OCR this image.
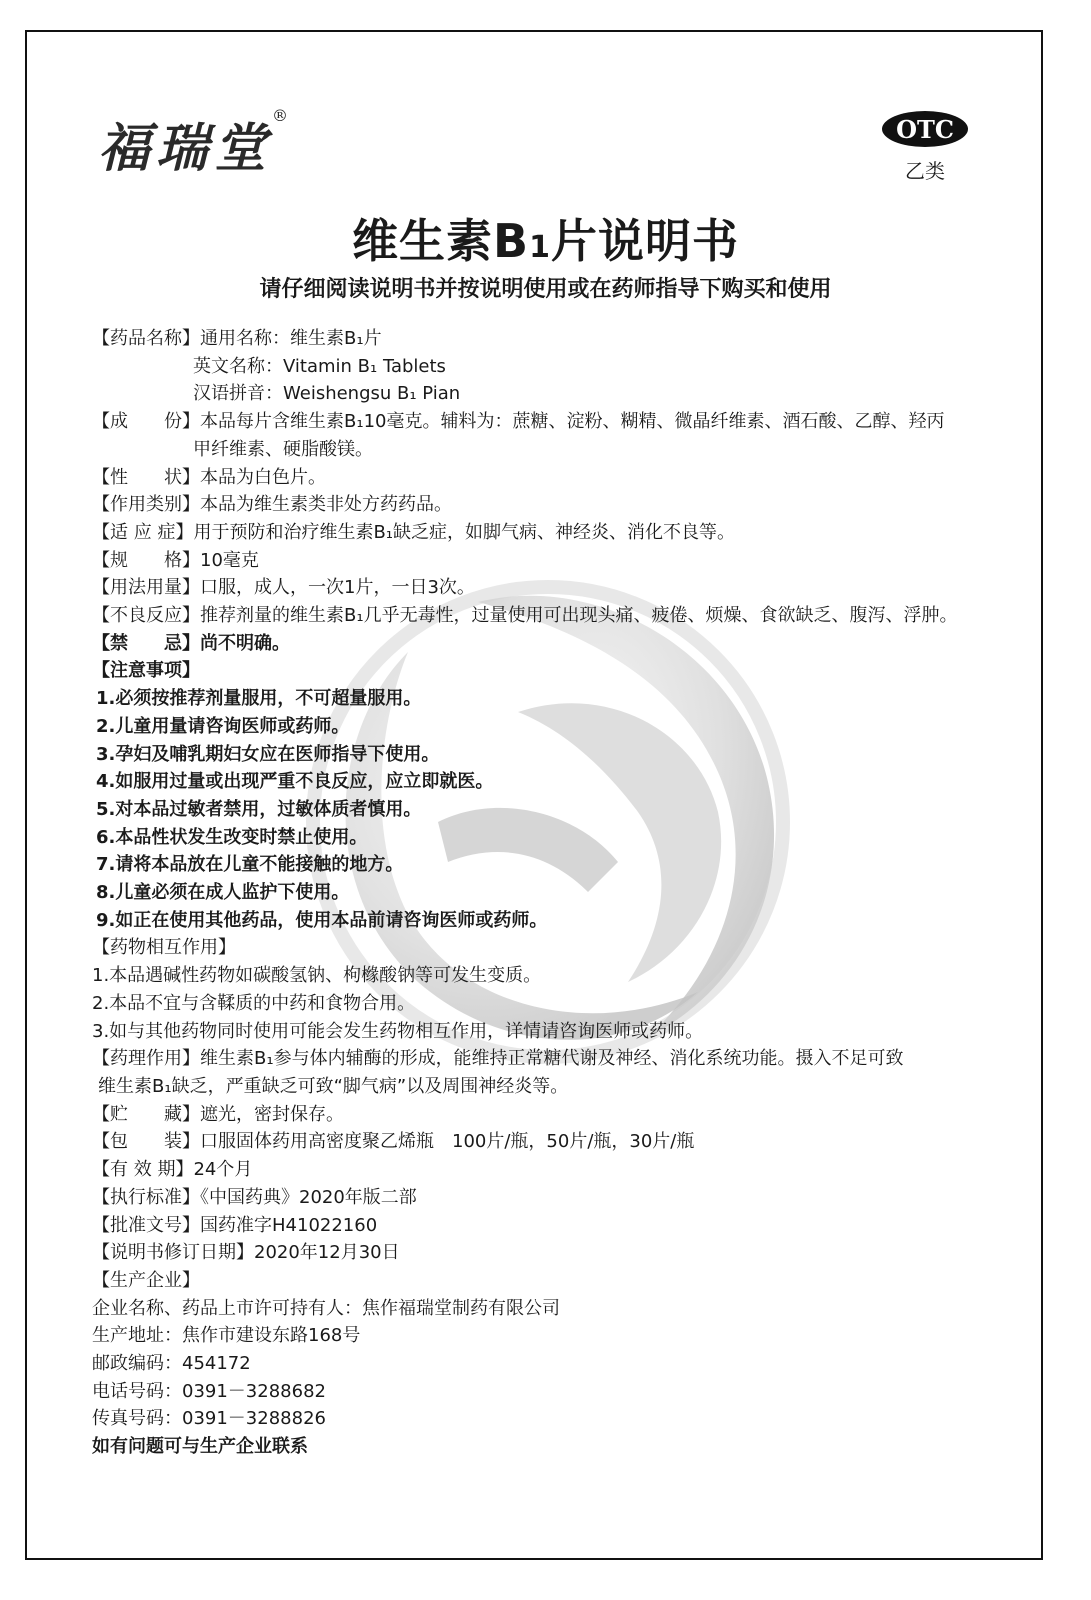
福瑞堂®	OTC
乙类
维生素B1片说明书
请仔细阅读说明书并按说明使用或在药师指导下购买和使用
【药品名称】通用名称：维生素B₁片
英文名称：Vitamin B₁ Tablets
汉语拼音：Weishengsu B₁ Pian
【成　　份】本品每片含维生素B₁10毫克。辅料为：蔗糖、淀粉、糊精、微晶纤维素、酒石酸、乙醇、羟丙
甲纤维素、硬脂酸镁。
【性　　状】本品为白色片。
【作用类别】本品为维生素类非处方药药品。
【适 应 症】用于预防和治疗维生素B₁缺乏症，如脚气病、神经炎、消化不良等。
【规　　格】10毫克
【用法用量】口服，成人，一次1片，一日3次。
【不良反应】推荐剂量的维生素B₁几乎无毒性，过量使用可出现头痛、疲倦、烦燥、食欲缺乏、腹泻、浮肿。
【禁　　忌】尚不明确。
【注意事项】
1.必须按推荐剂量服用，不可超量服用。
2.儿童用量请咨询医师或药师。
3.孕妇及哺乳期妇女应在医师指导下使用。
4.如服用过量或出现严重不良反应，应立即就医。
5.对本品过敏者禁用，过敏体质者慎用。
6.本品性状发生改变时禁止使用。
7.请将本品放在儿童不能接触的地方。
8.儿童必须在成人监护下使用。
9.如正在使用其他药品，使用本品前请咨询医师或药师。
【药物相互作用】
1.本品遇碱性药物如碳酸氢钠、枸橼酸钠等可发生变质。
2.本品不宜与含鞣质的中药和食物合用。
3.如与其他药物同时使用可能会发生药物相互作用，详情请咨询医师或药师。
【药理作用】维生素B₁参与体内辅酶的形成，能维持正常糖代谢及神经、消化系统功能。摄入不足可致
维生素B₁缺乏，严重缺乏可致“脚气病”以及周围神经炎等。
【贮　　藏】遮光，密封保存。
【包　　装】口服固体药用高密度聚乙烯瓶　100片/瓶，50片/瓶，30片/瓶
【有 效 期】24个月
【执行标准】《中国药典》2020年版二部
【批准文号】国药准字H41022160
【说明书修订日期】2020年12月30日
【生产企业】
企业名称、药品上市许可持有人：焦作福瑞堂制药有限公司
生产地址：焦作市建设东路168号
邮政编码：454172
电话号码：0391－3288682
传真号码：0391－3288826
如有问题可与生产企业联系
